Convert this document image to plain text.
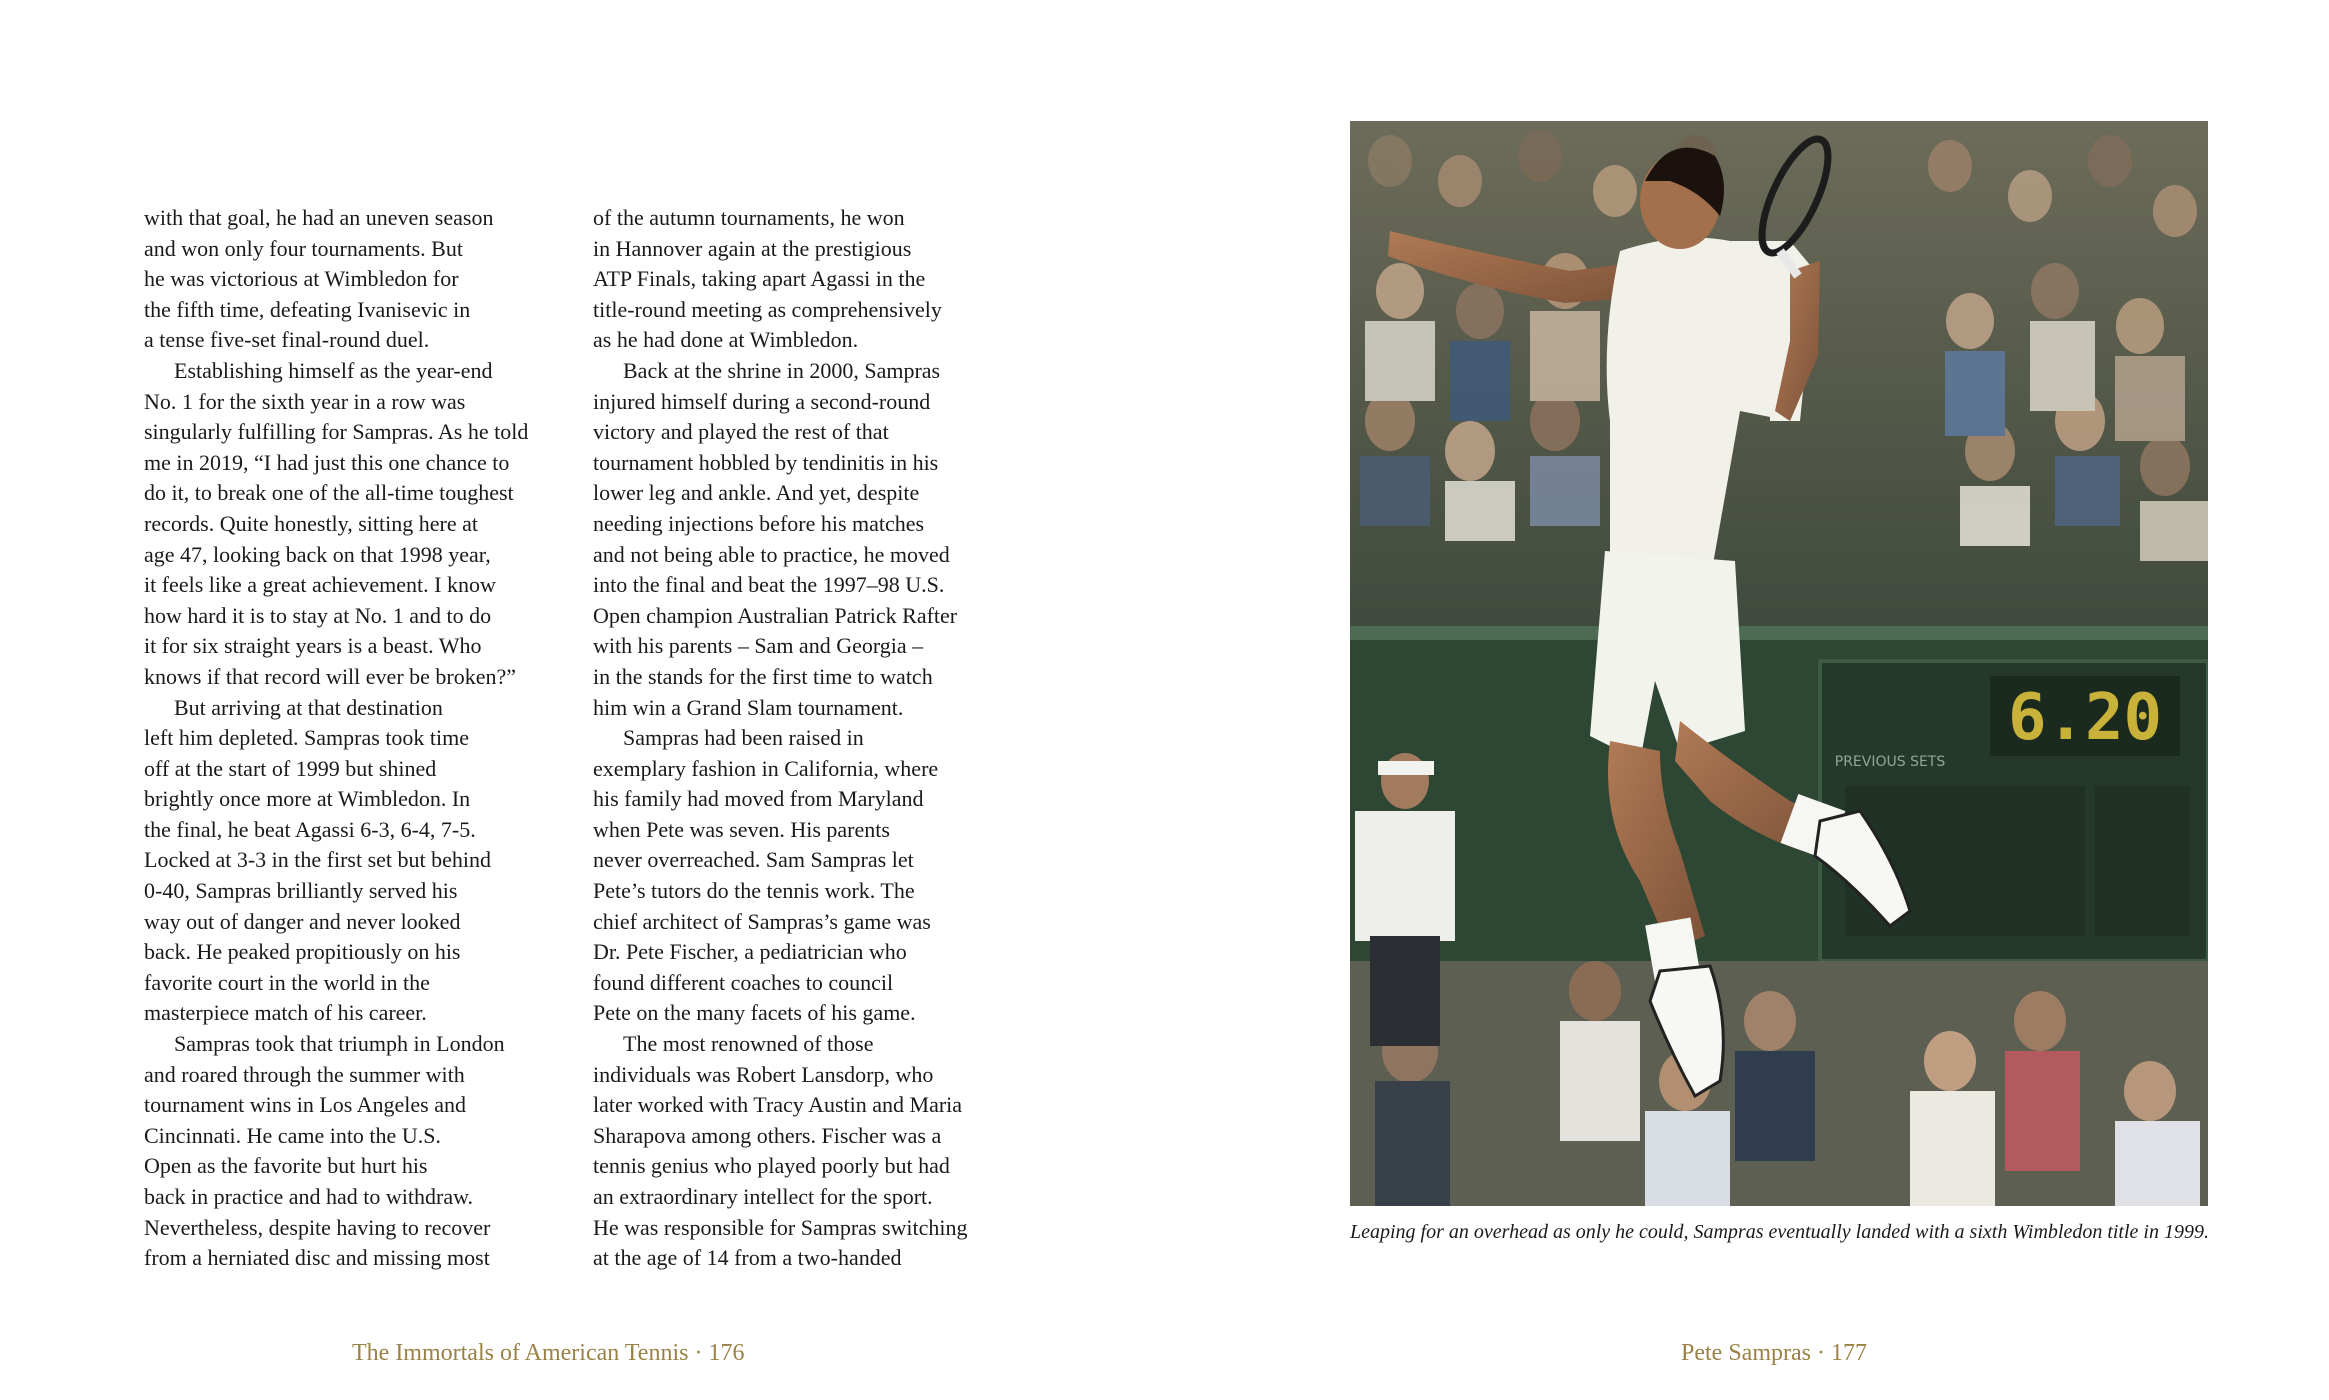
with that goal, he had an uneven season
and won only four tournaments. But
he was victorious at Wimbledon for
the fifth time, defeating Ivanisevic in
a tense five-set final-round duel.
Establishing himself as the year-end
No. 1 for the sixth year in a row was
singularly fulfilling for Sampras. As he told
me in 2019, “I had just this one chance to
do it, to break one of the all-time toughest
records. Quite honestly, sitting here at
age 47, looking back on that 1998 year,
it feels like a great achievement. I know
how hard it is to stay at No. 1 and to do
it for six straight years is a beast. Who
knows if that record will ever be broken?”
But arriving at that destination
left him depleted. Sampras took time
off at the start of 1999 but shined
brightly once more at Wimbledon. In
the final, he beat Agassi 6-3, 6-4, 7-5.
Locked at 3-3 in the first set but behind
0-40, Sampras brilliantly served his
way out of danger and never looked
back. He peaked propitiously on his
favorite court in the world in the
masterpiece match of his career.
Sampras took that triumph in London
and roared through the summer with
tournament wins in Los Angeles and
Cincinnati. He came into the U.S.
Open as the favorite but hurt his
back in practice and had to withdraw.
Nevertheless, despite having to recover
from a herniated disc and missing most
of the autumn tournaments, he won
in Hannover again at the prestigious
ATP Finals, taking apart Agassi in the
title-round meeting as comprehensively
as he had done at Wimbledon.
Back at the shrine in 2000, Sampras
injured himself during a second-round
victory and played the rest of that
tournament hobbled by tendinitis in his
lower leg and ankle. And yet, despite
needing injections before his matches
and not being able to practice, he moved
into the final and beat the 1997–98 U.S.
Open champion Australian Patrick Rafter
with his parents – Sam and Georgia –
in the stands for the first time to watch
him win a Grand Slam tournament.
Sampras had been raised in
exemplary fashion in California, where
his family had moved from Maryland
when Pete was seven. His parents
never overreached. Sam Sampras let
Pete’s tutors do the tennis work. The
chief architect of Sampras’s game was
Dr. Pete Fischer, a pediatrician who
found different coaches to council
Pete on the many facets of his game.
The most renowned of those
individuals was Robert Lansdorp, who
later worked with Tracy Austin and Maria
Sharapova among others. Fischer was a
tennis genius who played poorly but had
an extraordinary intellect for the sport.
He was responsible for Sampras switching
at the age of 14 from a two-handed
The Immortals of American Tennis · 176
6.20
PREVIOUS SETS
Leaping for an overhead as only he could, Sampras eventually landed with a sixth Wimbledon title in 1999.
Pete Sampras · 177
